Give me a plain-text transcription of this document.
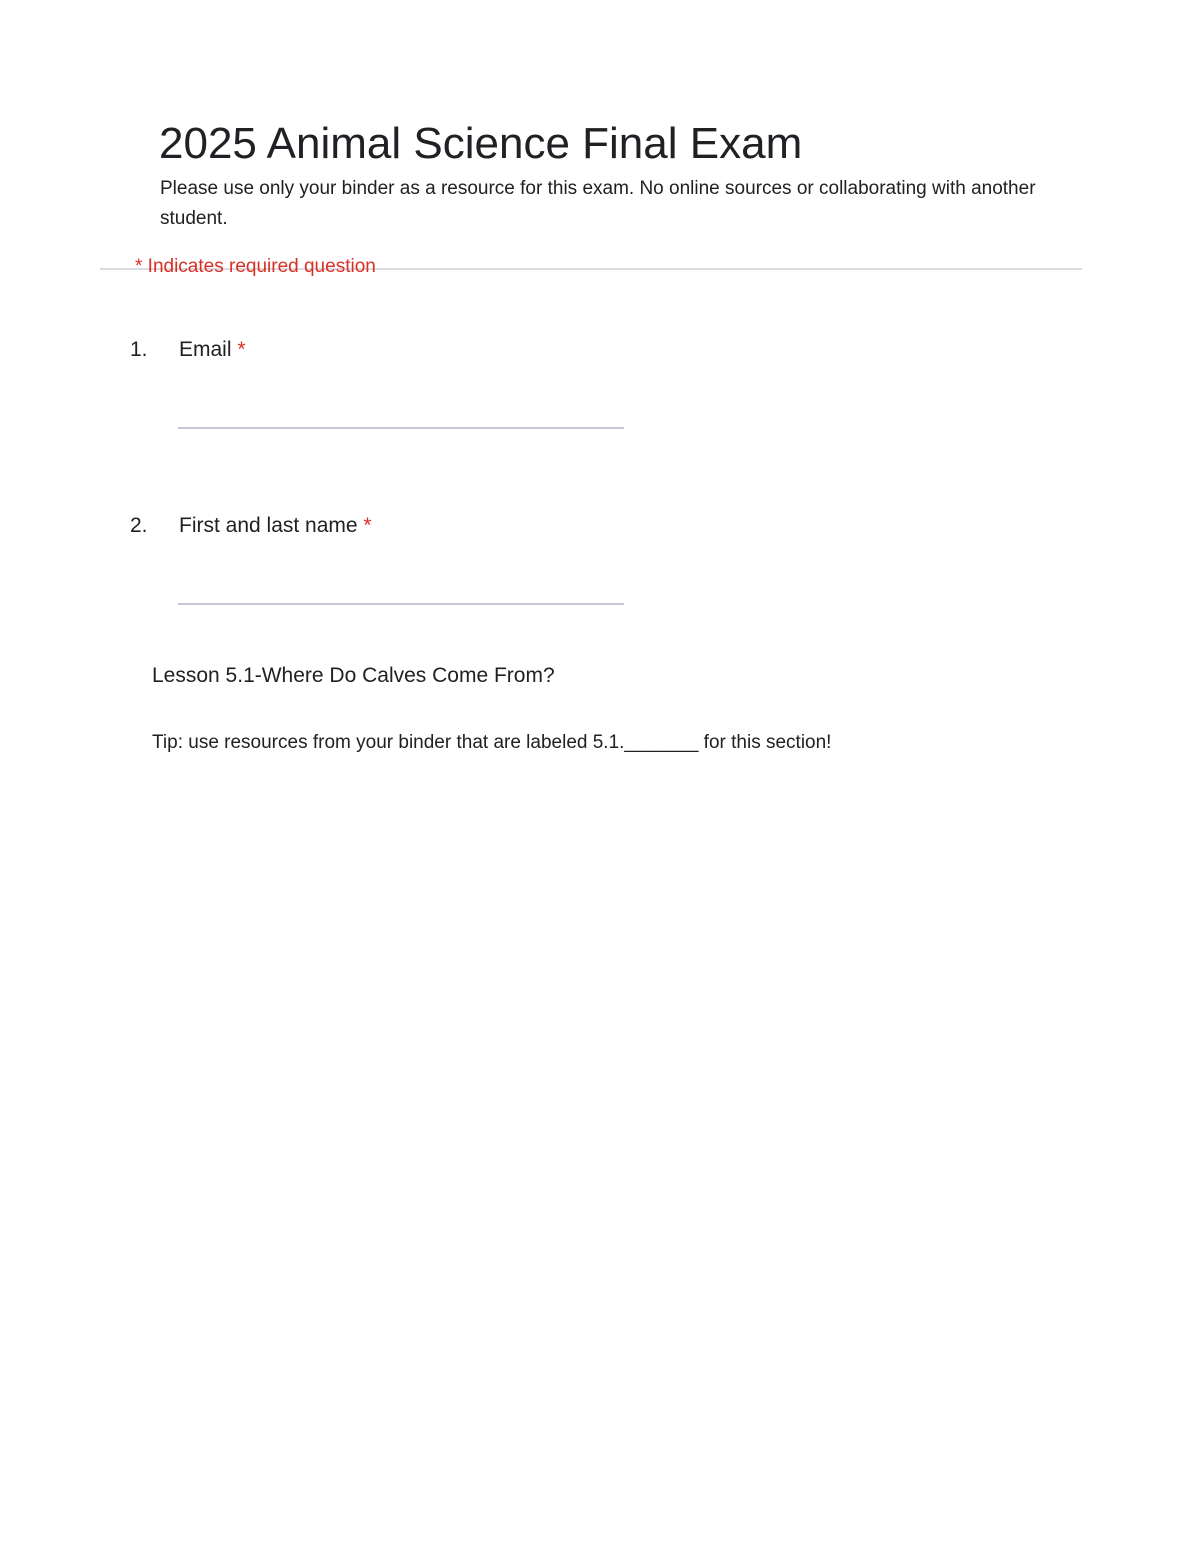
2025 Animal Science Final Exam

Please use only your binder as a resource for this exam. No online sources or collaborating with another student.

* Indicates required question
1. Email *
2. First and last name *
Lesson 5.1-Where Do Calves Come From?

Tip: use resources from your binder that are labeled 5.1._______ for this section!
